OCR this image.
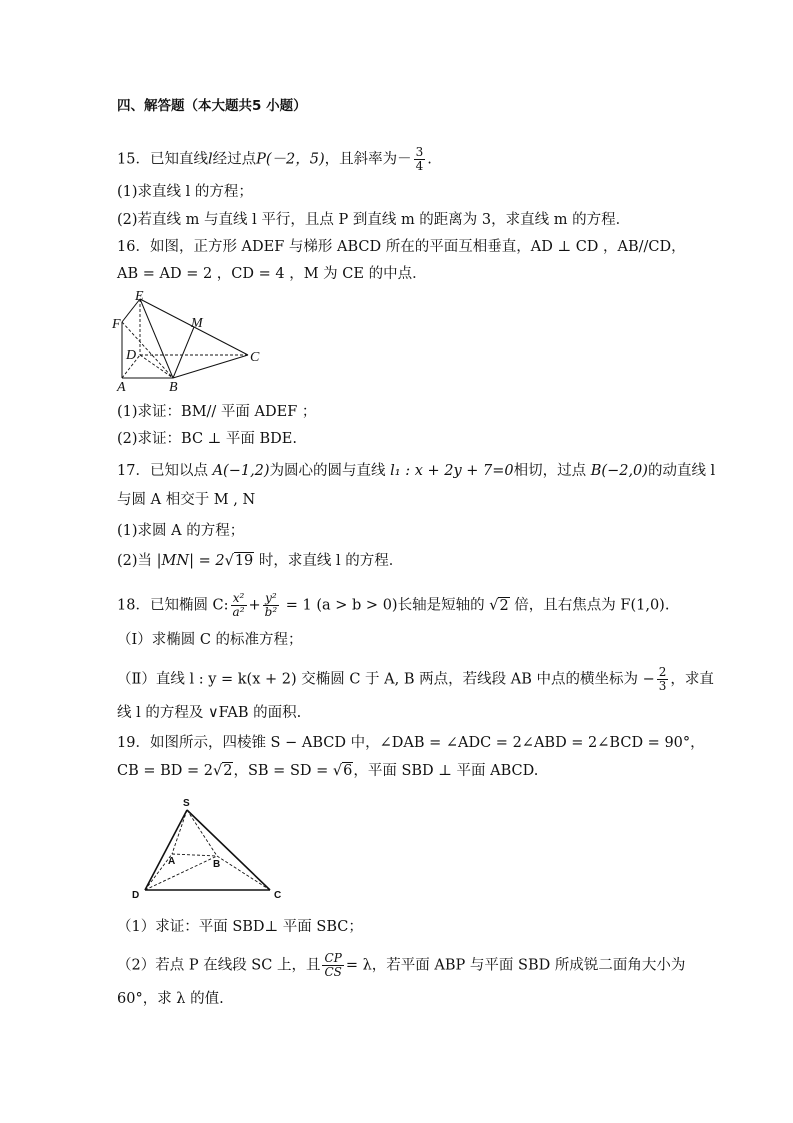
四、解答题（本大题共5 小题）
15．已知直线l经过点P(－2，5)，且斜率为－ $\frac{3}{4}$ .
(1)求直线 l 的方程；
(2)若直线 m 与直线 l 平行，且点 P 到直线 m 的距离为 3，求直线 m 的方程．
16．如图，正方形 ADEF 与梯形 ABCD 所在的平面互相垂直，AD ⊥ CD ，AB//CD，
AB = AD = 2 ，CD = 4 ，M 为 CE 的中点．
E
F	M
D	C
A	B
(1)求证：BM// 平面 ADEF ；
(2)求证：BC ⊥ 平面 BDE.
17．已知以点 A(−1,2)为圆心的圆与直线 l₁ : x + 2y + 7=0相切，过点 B(−2,0)的动直线 l
与圆 A 相交于 M , N
(1)求圆 A 的方程；
(2)当 |MN| = 2√19 时，求直线 l 的方程．
18．已知椭圆 C: $\frac{\text{x²}}{\text{a²}} + \frac{\text{y²}}{\text{b²}} = 1$ (a > b > 0)长轴是短轴的 √2 倍，且右焦点为 F(1,0).
（Ⅰ）求椭圆 C 的标准方程；
（Ⅱ）直线 l : y = k(x + 2) 交椭圆 C 于 A, B 两点，若线段 AB 中点的横坐标为 − $\frac{2}{3}$ ，求直
线 l 的方程及 ∨FAB 的面积.
19．如图所示，四棱锥 S − ABCD 中，∠DAB = ∠ADC = 2∠ABD = 2∠BCD = 90°，
CB = BD = 2√2，SB = SD = √6，平面 SBD ⊥ 平面 ABCD.
S
A	B
D	C
（1）求证：平面 SBD⊥ 平面 SBC；
（2）若点 P 在线段 SC 上，且 $\frac{CP}{CS} = \lambda$，若平面 ABP 与平面 SBD 所成锐二面角大小为
60°，求 λ 的值.
